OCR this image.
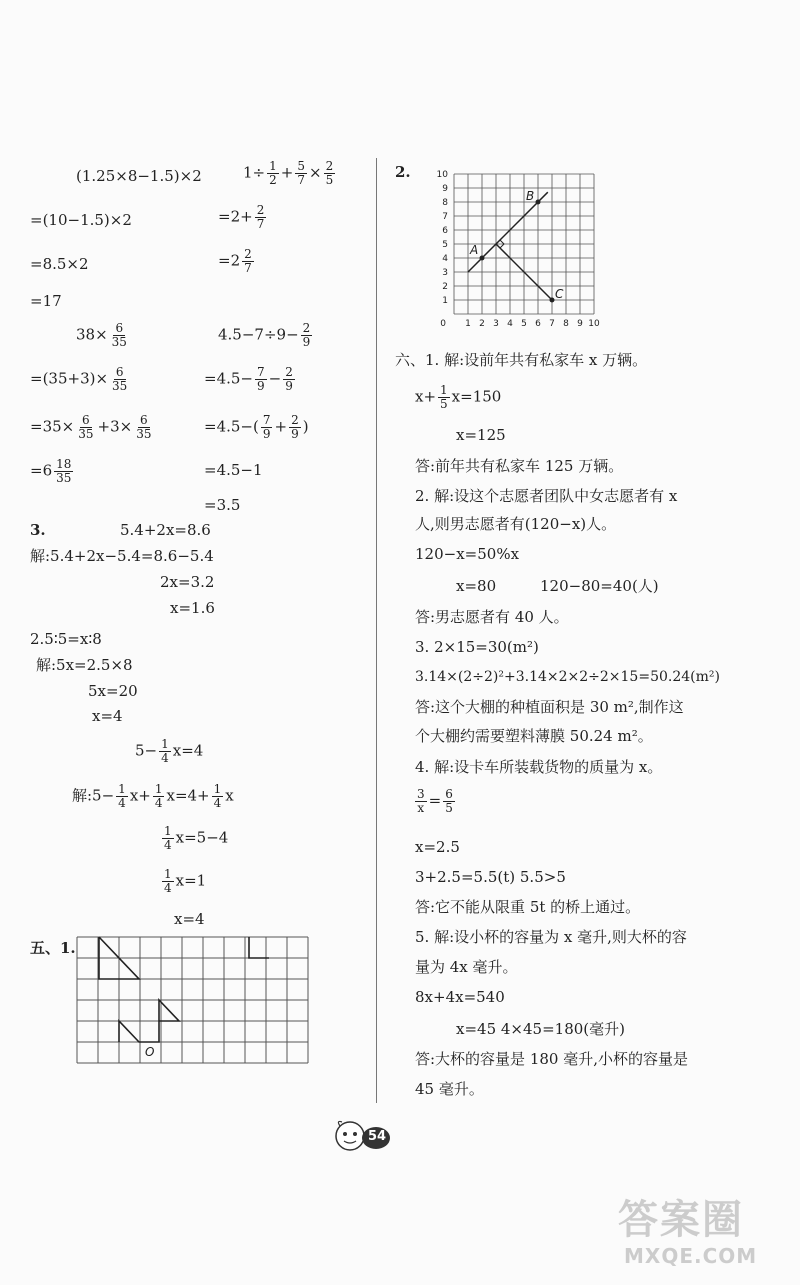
(1.25×8−1.5)×2	$1\div \frac{1}{2} + \frac{5}{7} \times \frac{2}{5}$
=(10−1.5)×2	$=2+ \frac{2}{7}$
=8.5×2	$=2 \frac{2}{7}$
=17
$38\times \frac{6}{35}$	$4.5-7\div 9- \frac{2}{9}$
$=(35+3)\times \frac{6}{35}$	$=4.5- \frac{7}{9} - \frac{2}{9}$
$=35\times \frac{6}{35} +3\times \frac{6}{35}$	$=4.5-( \frac{7}{9} + \frac{2}{9}$ )
$=6 \frac{18}{35}$	=4.5−1
=3.5
3.	5.4+2x=8.6
解:5.4+2x−5.4=8.6−5.4
2x=3.2
x=1.6
2.5∶5=x∶8
解:5x=2.5×8
5x=20
x=4
$5- \frac{1}{4} x=4$
解:5− $\frac{1}{4} x+ \frac{1}{4} x=4+ \frac{1}{4}$ x
$\frac{1}{4} x=5-4$
$\frac{1}{4} x=1$
x=4
五、1.
O
2.
1 2 3 4 5 6 7 8 9 10
1
2
3
4
5
6
7
8
9
10
0
A
B
C
六、1. 解:设前年共有私家车 x 万辆。
$x+ \frac{1}{5} x=150$
x=125
答:前年共有私家车 125 万辆。
2. 解:设这个志愿者团队中女志愿者有 x
人,则男志愿者有(120−x)人。
120−x=50%x
x=80	120−80=40(人)
答:男志愿者有 40 人。
3. 2×15=30(m²)
3.14×(2÷2)²+3.14×2×2÷2×15=50.24(m²)
答:这个大棚的种植面积是 30 m²,制作这
个大棚约需要塑料薄膜 50.24 m²。
4. 解:设卡车所装载货物的质量为 x。
$\frac{3}{x} = \frac{6}{5}$
x=2.5
3+2.5=5.5(t) 5.5>5
答:它不能从限重 5t 的桥上通过。
5. 解:设小杯的容量为 x 毫升,则大杯的容
量为 4x 毫升。
8x+4x=540
x=45 4×45=180(毫升)
答:大杯的容量是 180 毫升,小杯的容量是
45 毫升。
54
答案圈
MXQE.COM
